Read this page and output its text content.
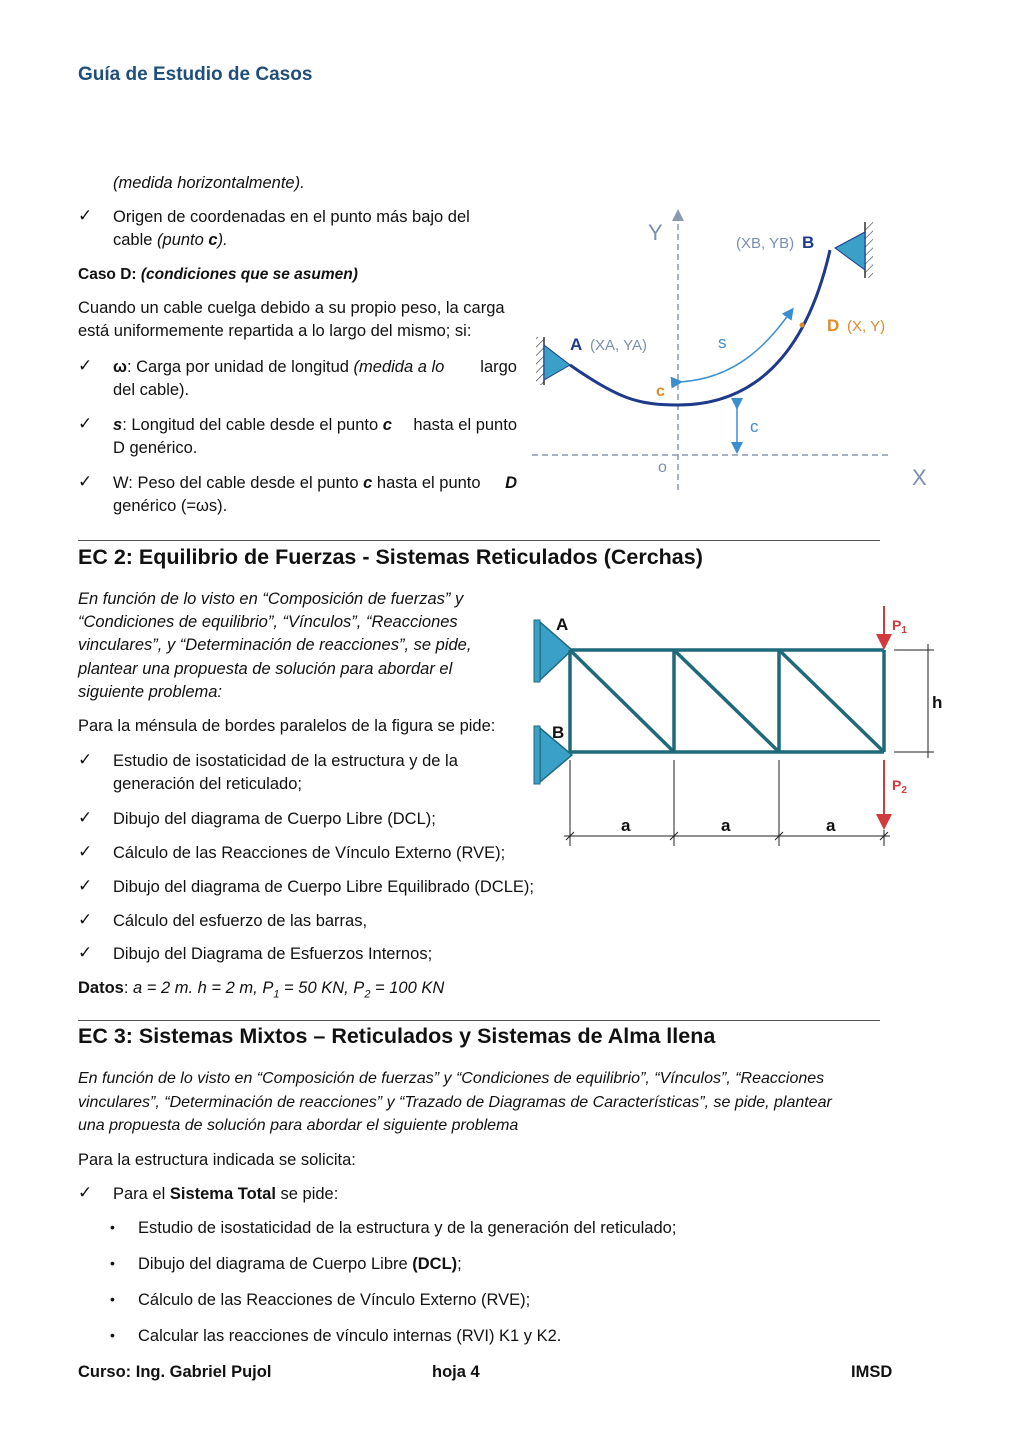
Guía de Estudio de Casos
(medida horizontalmente).
✓ Origen de coordenadas en el punto más bajo del
cable (punto c).
Caso D: (condiciones que se asumen)
Cuando un cable cuelga debido a su propio peso, la carga
está uniformemente repartida a lo largo del mismo; si:
✓ ω: Carga por unidad de longitud (medida a lo largo
del cable).
✓ s: Longitud del cable desde el punto c hasta el punto
D genérico.
✓ W: Peso del cable desde el punto c hasta el punto D
genérico (=ωs).
Y
X
o
s
c
c
A (XA, YA)
(XB, YB) B
D (X, Y)
EC 2: Equilibrio de Fuerzas - Sistemas Reticulados (Cerchas)
En función de lo visto en “Composición de fuerzas” y
“Condiciones de equilibrio”, “Vínculos”, “Reacciones
vinculares”, y “Determinación de reacciones”, se pide,
plantear una propuesta de solución para abordar el
siguiente problema:
Para la ménsula de bordes paralelos de la figura se pide:
✓ Estudio de isostaticidad de la estructura y de la
generación del reticulado;
✓ Dibujo del diagrama de Cuerpo Libre (DCL);
✓ Cálculo de las Reacciones de Vínculo Externo (RVE);
✓ Dibujo del diagrama de Cuerpo Libre Equilibrado (DCLE);
✓ Cálculo del esfuerzo de las barras,
✓ Dibujo del Diagrama de Esfuerzos Internos;
Datos: a = 2 m. h = 2 m, $P_1 = 50$ KN, $P_2 = 100$ KN
A
B
$P_1$
$P_2$
h
a	a	a
EC 3: Sistemas Mixtos – Reticulados y Sistemas de Alma llena
En función de lo visto en “Composición de fuerzas” y “Condiciones de equilibrio”, “Vínculos”, “Reacciones
vinculares”, “Determinación de reacciones” y “Trazado de Diagramas de Características”, se pide, plantear
una propuesta de solución para abordar el siguiente problema
Para la estructura indicada se solicita:
✓ Para el Sistema Total se pide:
• Estudio de isostaticidad de la estructura y de la generación del reticulado;
• Dibujo del diagrama de Cuerpo Libre (DCL);
• Cálculo de las Reacciones de Vínculo Externo (RVE);
• Calcular las reacciones de vínculo internas (RVI) K1 y K2.
Curso: Ing. Gabriel Pujol	hoja 4	IMSD
